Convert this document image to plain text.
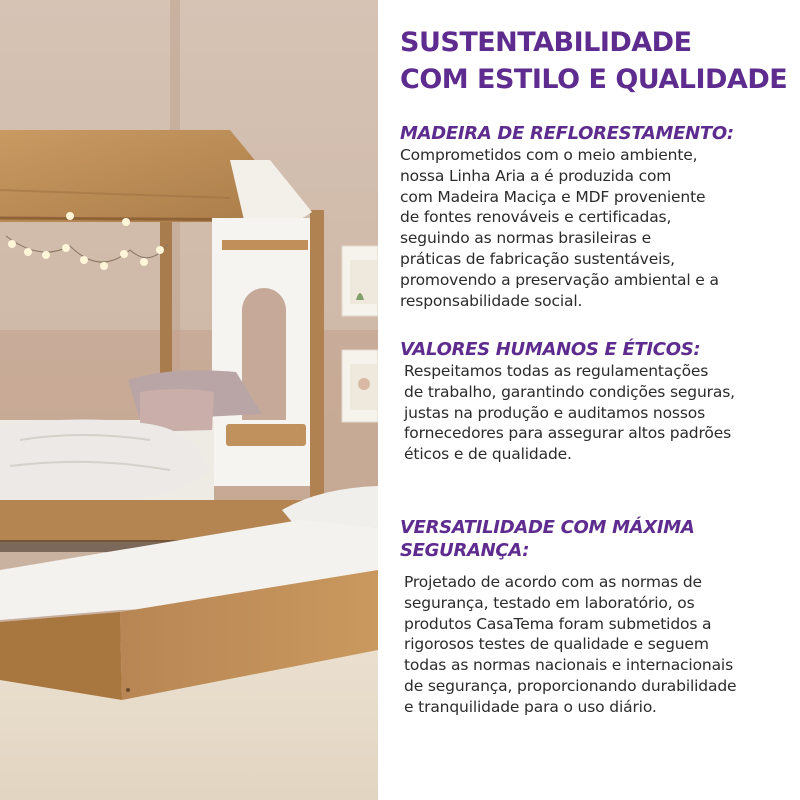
SUSTENTABILIDADE
COM ESTILO E QUALIDADE
MADEIRA DE REFLORESTAMENTO:

Comprometidos com o meio ambiente,
nossa Linha Aria a é produzida com
com Madeira Maciça e MDF proveniente
de fontes renováveis e certificadas,
seguindo as normas brasileiras e
práticas de fabricação sustentáveis,
promovendo a preservação ambiental e a
responsabilidade social.

VALORES HUMANOS E ÉTICOS:

Respeitamos todas as regulamentações
de trabalho, garantindo condições seguras,
justas na produção e auditamos nossos
fornecedores para assegurar altos padrões
éticos e de qualidade.

VERSATILIDADE COM MÁXIMA
SEGURANÇA:

Projetado de acordo com as normas de
segurança, testado em laboratório, os
produtos CasaTema foram submetidos a
rigorosos testes de qualidade e seguem
todas as normas nacionais e internacionais
de segurança, proporcionando durabilidade
e tranquilidade para o uso diário.
